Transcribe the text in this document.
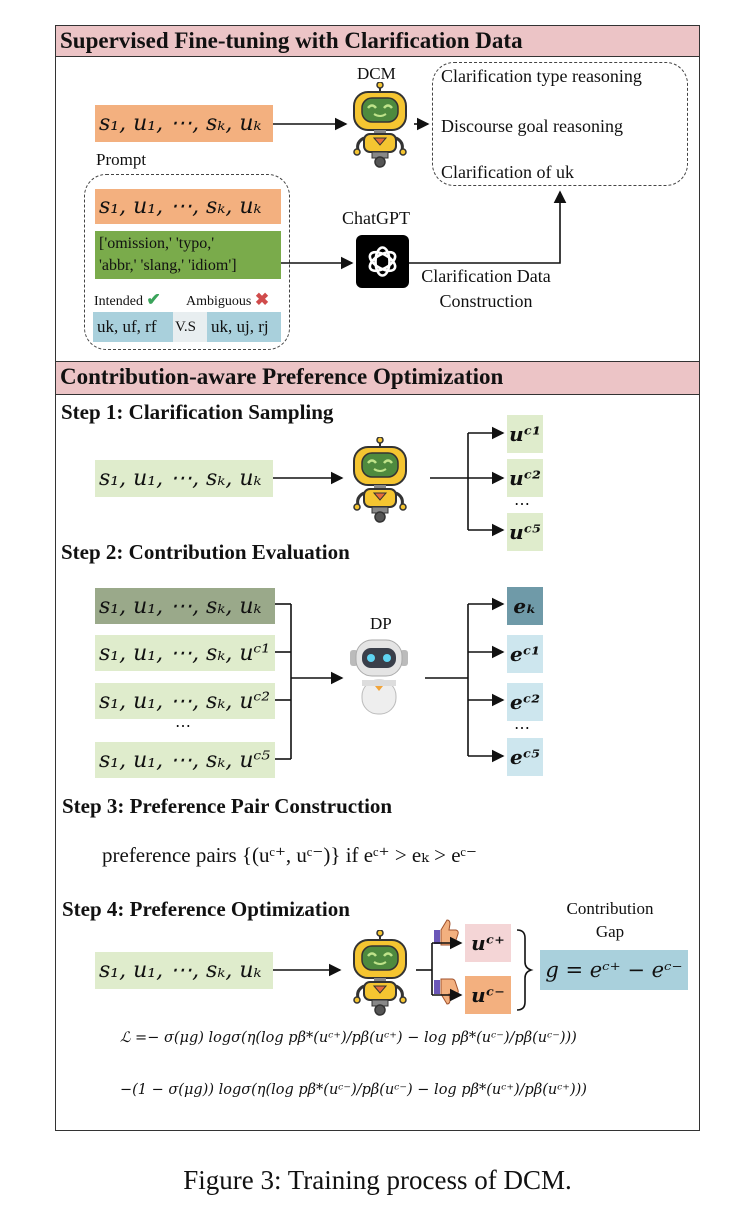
Supervised Fine-tuning with Clarification Data
s₁, u₁, ⋯, sₖ, uₖ
DCM	Clarification type reasoning
Discourse goal reasoning
Clarification of uk
Prompt
s₁, u₁, ⋯, sₖ, uₖ
['omission,' 'typo,'
'abbr,' 'slang,' 'idiom']
Intended ✔ Ambiguous ✖
uk, uf, rf	V.S uk, uj, rj
ChatGPT
Clarification Data
Construction
Contribution-aware Preference Optimization
Step 1: Clarification Sampling
s₁, u₁, ⋯, sₖ, uₖ
uᶜ¹
uᶜ²
⋯
uᶜ⁵
Step 2: Contribution Evaluation
s₁, u₁, ⋯, sₖ, uₖ
s₁, u₁, ⋯, sₖ, uᶜ¹
s₁, u₁, ⋯, sₖ, uᶜ²
⋯
s₁, u₁, ⋯, sₖ, uᶜ⁵
DP
eₖ
eᶜ¹
eᶜ²
⋯
eᶜ⁵
Step 3: Preference Pair Construction
preference pairs {(uᶜ⁺, uᶜ⁻)} if eᶜ⁺ > eₖ > eᶜ⁻
Step 4: Preference Optimization
s₁, u₁, ⋯, sₖ, uₖ
uᶜ⁺
uᶜ⁻
Contribution
Gap
g = eᶜ⁺ − eᶜ⁻
ℒ =− σ(μg) logσ(η(log pβ*(uᶜ⁺)/pβ(uᶜ⁺) − log pβ*(uᶜ⁻)/pβ(uᶜ⁻)))
−(1 − σ(μg)) logσ(η(log pβ*(uᶜ⁻)/pβ(uᶜ⁻) − log pβ*(uᶜ⁺)/pβ(uᶜ⁺)))
Figure 3: Training process of DCM.
